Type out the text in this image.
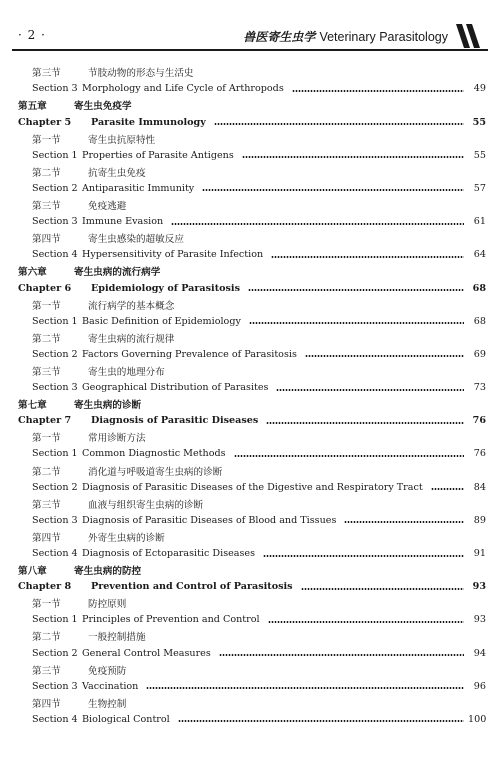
· 2 ·	兽医寄生虫学 Veterinary Parasitology
第三节	节肢动物的形态与生活史
Section 3 Morphology and Life Cycle of Arthropods	49
第五章	寄生虫免疫学
Chapter 5	Parasite Immunology	55
第一节	寄生虫抗原特性
Section 1 Properties of Parasite Antigens	55
第二节	抗寄生虫免疫
Section 2 Antiparasitic Immunity	57
第三节	免疫逃避
Section 3 Immune Evasion	61
第四节	寄生虫感染的超敏反应
Section 4 Hypersensitivity of Parasite Infection	64
第六章	寄生虫病的流行病学
Chapter 6	Epidemiology of Parasitosis	68
第一节	流行病学的基本概念
Section 1 Basic Definition of Epidemiology	68
第二节	寄生虫病的流行规律
Section 2 Factors Governing Prevalence of Parasitosis	69
第三节	寄生虫的地理分布
Section 3 Geographical Distribution of Parasites	73
第七章	寄生虫病的诊断
Chapter 7	Diagnosis of Parasitic Diseases	76
第一节	常用诊断方法
Section 1 Common Diagnostic Methods	76
第二节	消化道与呼吸道寄生虫病的诊断
Section 2 Diagnosis of Parasitic Diseases of the Digestive and Respiratory Tract	84
第三节	血液与组织寄生虫病的诊断
Section 3 Diagnosis of Parasitic Diseases of Blood and Tissues	89
第四节	外寄生虫病的诊断
Section 4 Diagnosis of Ectoparasitic Diseases	91
第八章	寄生虫病的防控
Chapter 8	Prevention and Control of Parasitosis	93
第一节	防控原则
Section 1 Principles of Prevention and Control	93
第二节	一般控制措施
Section 2 General Control Measures	94
第三节	免疫预防
Section 3 Vaccination	96
第四节	生物控制
Section 4 Biological Control	100
